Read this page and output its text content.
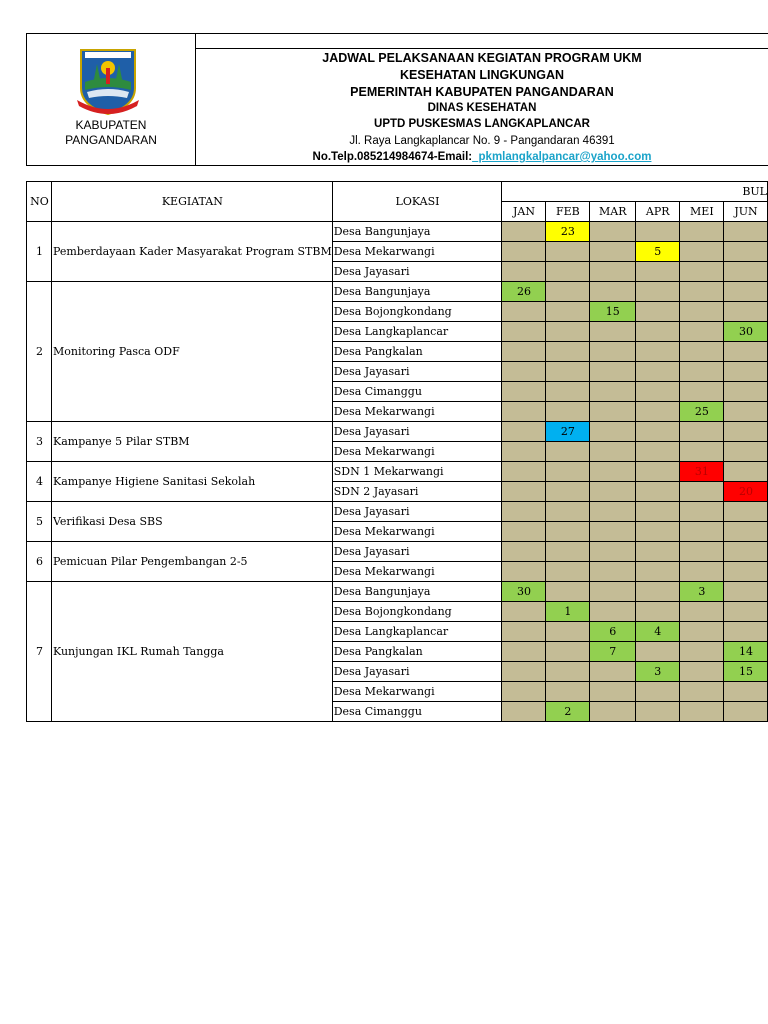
KABUPATEN
PANGANDARAN
JADWAL PELAKSANAAN KEGIATAN PROGRAM UKM
KESEHATAN LINGKUNGAN
PEMERINTAH KABUPATEN PANGANDARAN
DINAS KESEHATAN
UPTD PUSKESMAS LANGKAPLANCAR
Jl. Raya Langkaplancar No. 9 - Pangandaran 46391
No.Telp.085214984674-Email:_pkmlangkalpancar@yahoo.com
NO	KEGIATAN	LOKASI	BUL					
			JAN	FEB	MAR	APR	MEI	JUN
1	Pemberdayaan Kader Masyarakat Program STBM	Desa Bangunjaya		23				
		Desa Mekarwangi				5		
		Desa Jayasari						
2	Monitoring Pasca ODF	Desa Bangunjaya	26					
		Desa Bojongkondang			15			
		Desa Langkaplancar						30
		Desa Pangkalan						
		Desa Jayasari						
		Desa Cimanggu						
		Desa Mekarwangi					25	
3	Kampanye 5 Pilar STBM	Desa Jayasari		27				
		Desa Mekarwangi						
4	Kampanye Higiene Sanitasi Sekolah	SDN 1 Mekarwangi					31	
		SDN 2 Jayasari						20
5	Verifikasi Desa SBS	Desa Jayasari						
		Desa Mekarwangi						
6	Pemicuan Pilar Pengembangan 2-5	Desa Jayasari						
		Desa Mekarwangi						
7	Kunjungan IKL Rumah Tangga	Desa Bangunjaya	30				3	
		Desa Bojongkondang		1				
		Desa Langkaplancar			6	4		
		Desa Pangkalan			7			14
		Desa Jayasari				3		15
		Desa Mekarwangi						
		Desa Cimanggu		2				
